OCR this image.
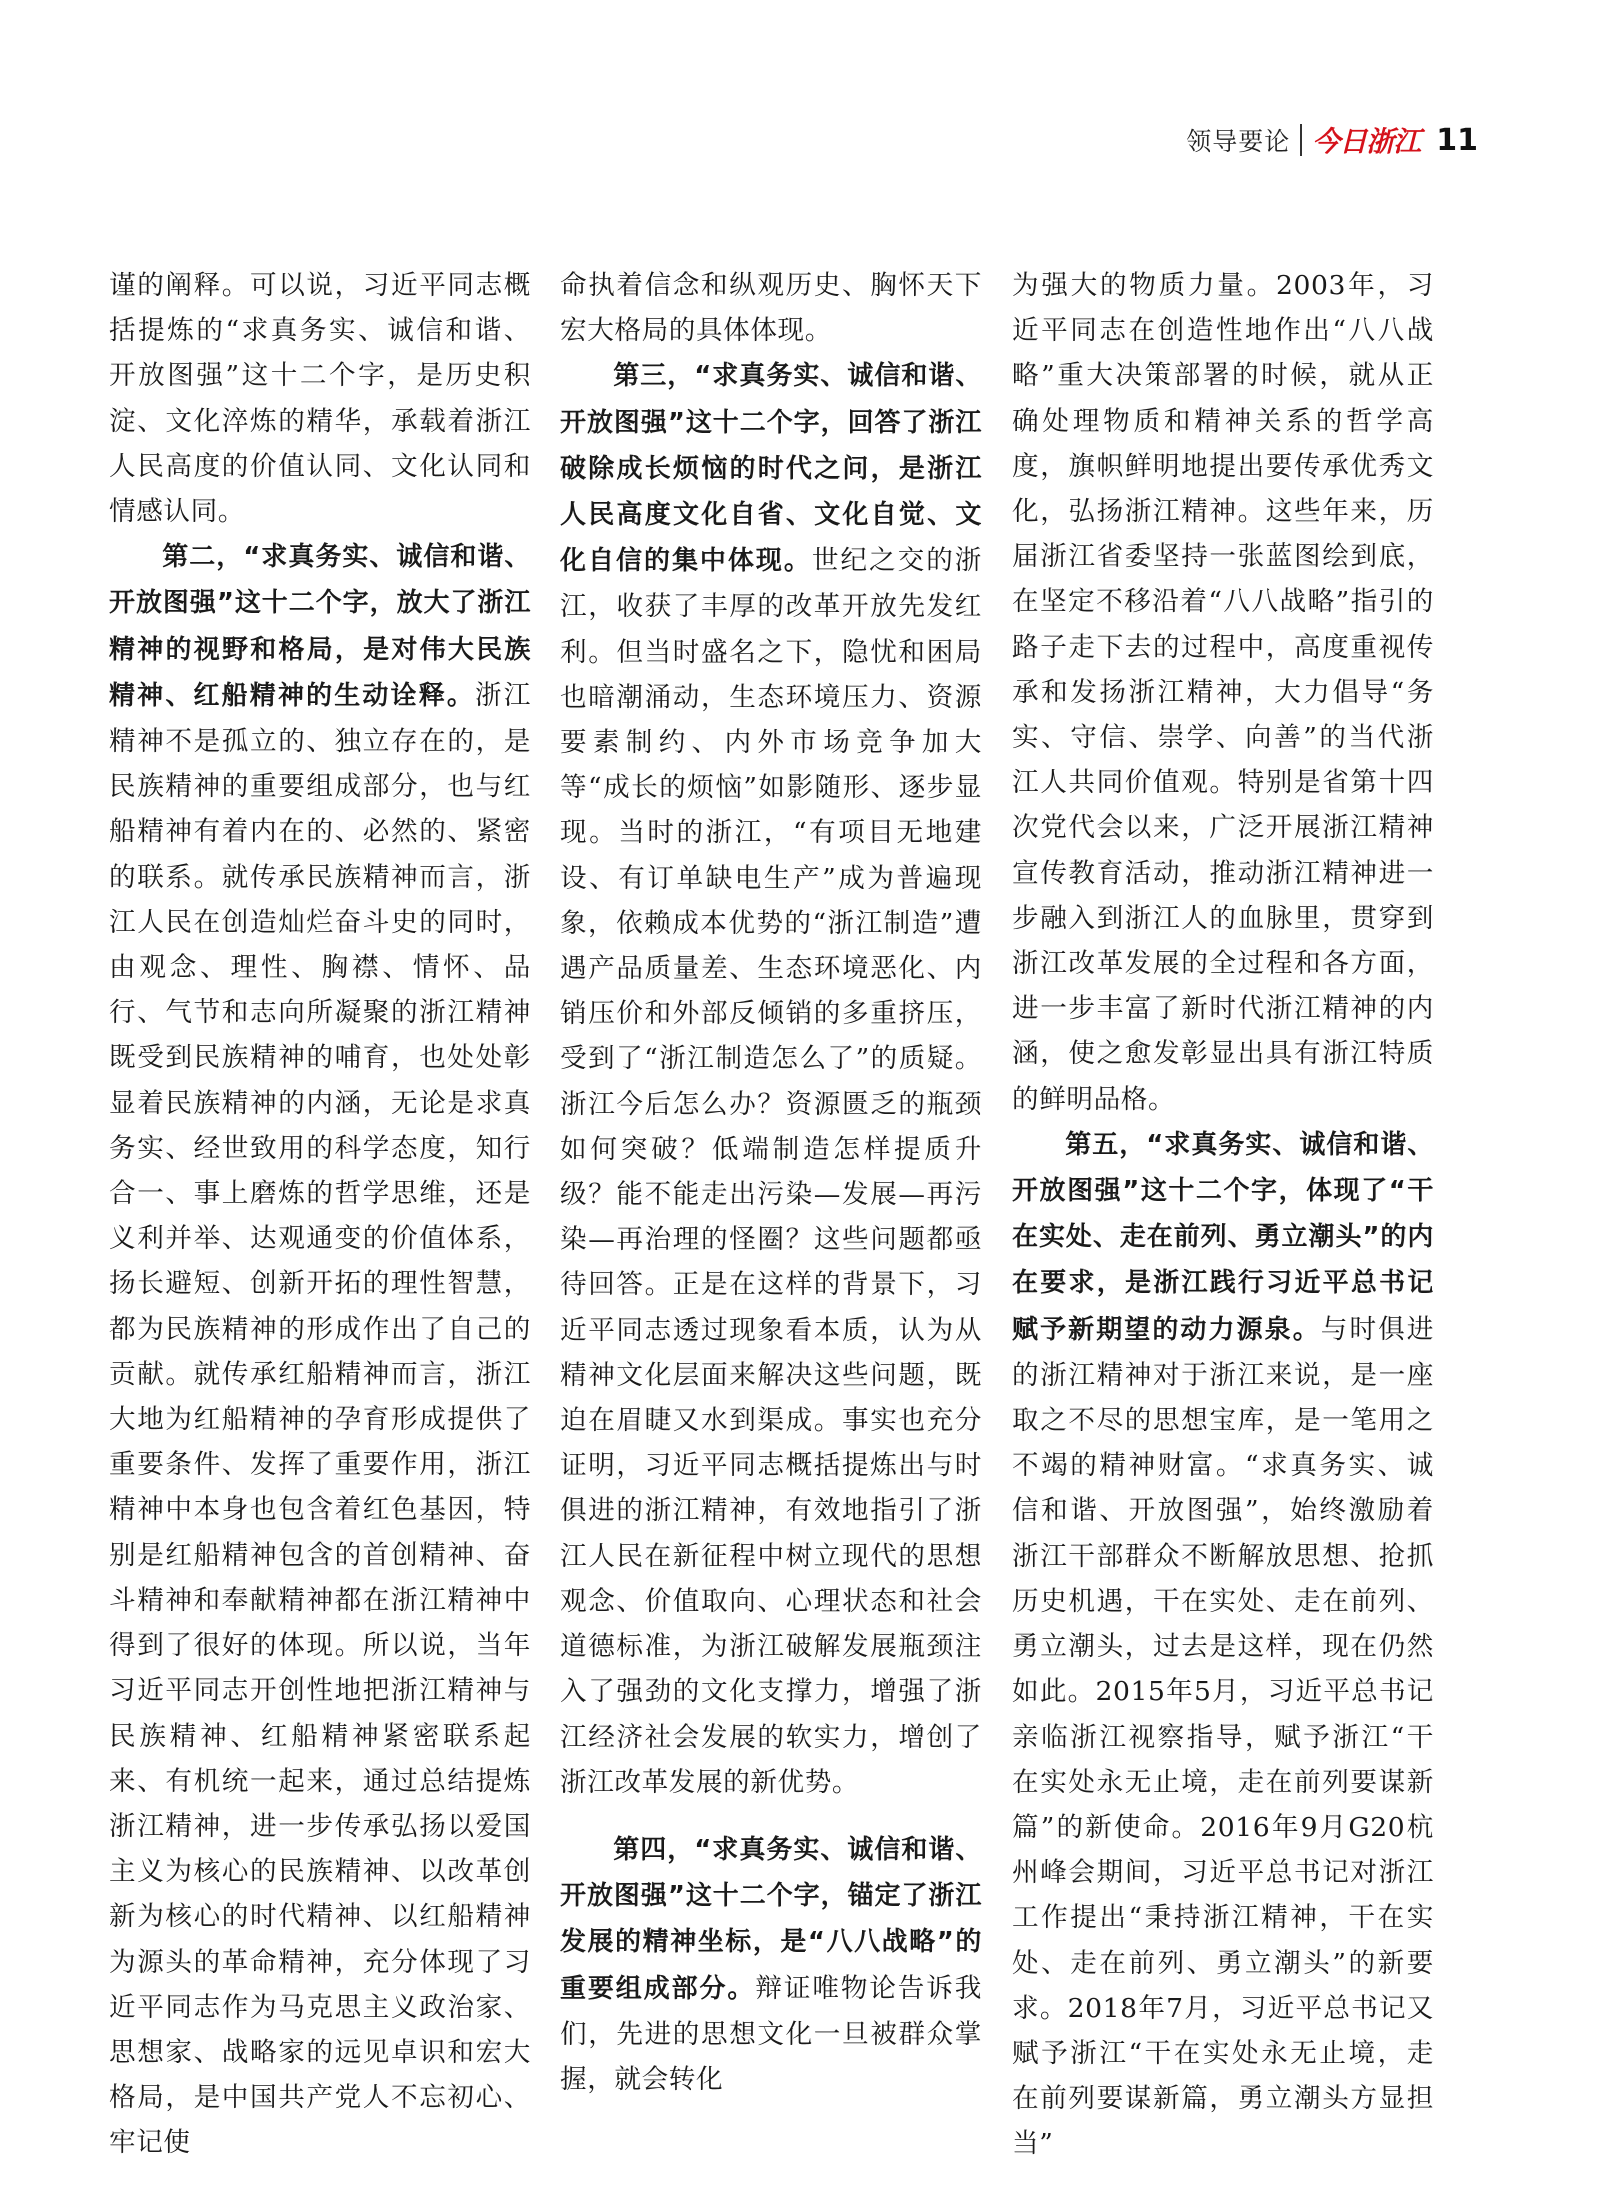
领导要论 今日浙江 11

谨的阐释。可以说，习近平同志概括提炼的“求真务实、诚信和谐、开放图强”这十二个字，是历史积淀、文化淬炼的精华，承载着浙江人民高度的价值认同、文化认同和情感认同。

第二，“求真务实、诚信和谐、开放图强”这十二个字，放大了浙江精神的视野和格局，是对伟大民族精神、红船精神的生动诠释。浙江精神不是孤立的、独立存在的，是民族精神的重要组成部分，也与红船精神有着内在的、必然的、紧密的联系。就传承民族精神而言，浙江人民在创造灿烂奋斗史的同时，由观念、理性、胸襟、情怀、品行、气节和志向所凝聚的浙江精神既受到民族精神的哺育，也处处彰显着民族精神的内涵，无论是求真务实、经世致用的科学态度，知行合一、事上磨炼的哲学思维，还是义利并举、达观通变的价值体系，扬长避短、创新开拓的理性智慧，都为民族精神的形成作出了自己的贡献。就传承红船精神而言，浙江大地为红船精神的孕育形成提供了重要条件、发挥了重要作用，浙江精神中本身也包含着红色基因，特别是红船精神包含的首创精神、奋斗精神和奉献精神都在浙江精神中得到了很好的体现。所以说，当年习近平同志开创性地把浙江精神与民族精神、红船精神紧密联系起来、有机统一起来，通过总结提炼浙江精神，进一步传承弘扬以爱国主义为核心的民族精神、以改革创新为核心的时代精神、以红船精神为源头的革命精神，充分体现了习近平同志作为马克思主义政治家、思想家、战略家的远见卓识和宏大格局，是中国共产党人不忘初心、牢记使

命执着信念和纵观历史、胸怀天下宏大格局的具体体现。

第三，“求真务实、诚信和谐、开放图强”这十二个字，回答了浙江破除成长烦恼的时代之问，是浙江人民高度文化自省、文化自觉、文化自信的集中体现。世纪之交的浙江，收获了丰厚的改革开放先发红利。但当时盛名之下，隐忧和困局也暗潮涌动，生态环境压力、资源要素制约、内外市场竞争加大等“成长的烦恼”如影随形、逐步显现。当时的浙江，“有项目无地建设、有订单缺电生产”成为普遍现象，依赖成本优势的“浙江制造”遭遇产品质量差、生态环境恶化、内销压价和外部反倾销的多重挤压，受到了“浙江制造怎么了”的质疑。浙江今后怎么办？资源匮乏的瓶颈如何突破？低端制造怎样提质升级？能不能走出污染—发展—再污染—再治理的怪圈？这些问题都亟待回答。正是在这样的背景下，习近平同志透过现象看本质，认为从精神文化层面来解决这些问题，既迫在眉睫又水到渠成。事实也充分证明，习近平同志概括提炼出与时俱进的浙江精神，有效地指引了浙江人民在新征程中树立现代的思想观念、价值取向、心理状态和社会道德标准，为浙江破解发展瓶颈注入了强劲的文化支撑力，增强了浙江经济社会发展的软实力，增创了浙江改革发展的新优势。

第四，“求真务实、诚信和谐、开放图强”这十二个字，锚定了浙江发展的精神坐标，是“八八战略”的重要组成部分。辩证唯物论告诉我们，先进的思想文化一旦被群众掌握，就会转化

为强大的物质力量。2003年，习近平同志在创造性地作出“八八战略”重大决策部署的时候，就从正确处理物质和精神关系的哲学高度，旗帜鲜明地提出要传承优秀文化，弘扬浙江精神。这些年来，历届浙江省委坚持一张蓝图绘到底，在坚定不移沿着“八八战略”指引的路子走下去的过程中，高度重视传承和发扬浙江精神，大力倡导“务实、守信、崇学、向善”的当代浙江人共同价值观。特别是省第十四次党代会以来，广泛开展浙江精神宣传教育活动，推动浙江精神进一步融入到浙江人的血脉里，贯穿到浙江改革发展的全过程和各方面，进一步丰富了新时代浙江精神的内涵，使之愈发彰显出具有浙江特质的鲜明品格。

第五，“求真务实、诚信和谐、开放图强”这十二个字，体现了“干在实处、走在前列、勇立潮头”的内在要求，是浙江践行习近平总书记赋予新期望的动力源泉。与时俱进的浙江精神对于浙江来说，是一座取之不尽的思想宝库，是一笔用之不竭的精神财富。“求真务实、诚信和谐、开放图强”，始终激励着浙江干部群众不断解放思想、抢抓历史机遇，干在实处、走在前列、勇立潮头，过去是这样，现在仍然如此。2015年5月，习近平总书记亲临浙江视察指导，赋予浙江“干在实处永无止境，走在前列要谋新篇”的新使命。2016年9月G20杭州峰会期间，习近平总书记对浙江工作提出“秉持浙江精神，干在实处、走在前列、勇立潮头”的新要求。2018年7月，习近平总书记又赋予浙江“干在实处永无止境，走在前列要谋新篇，勇立潮头方显担当”
